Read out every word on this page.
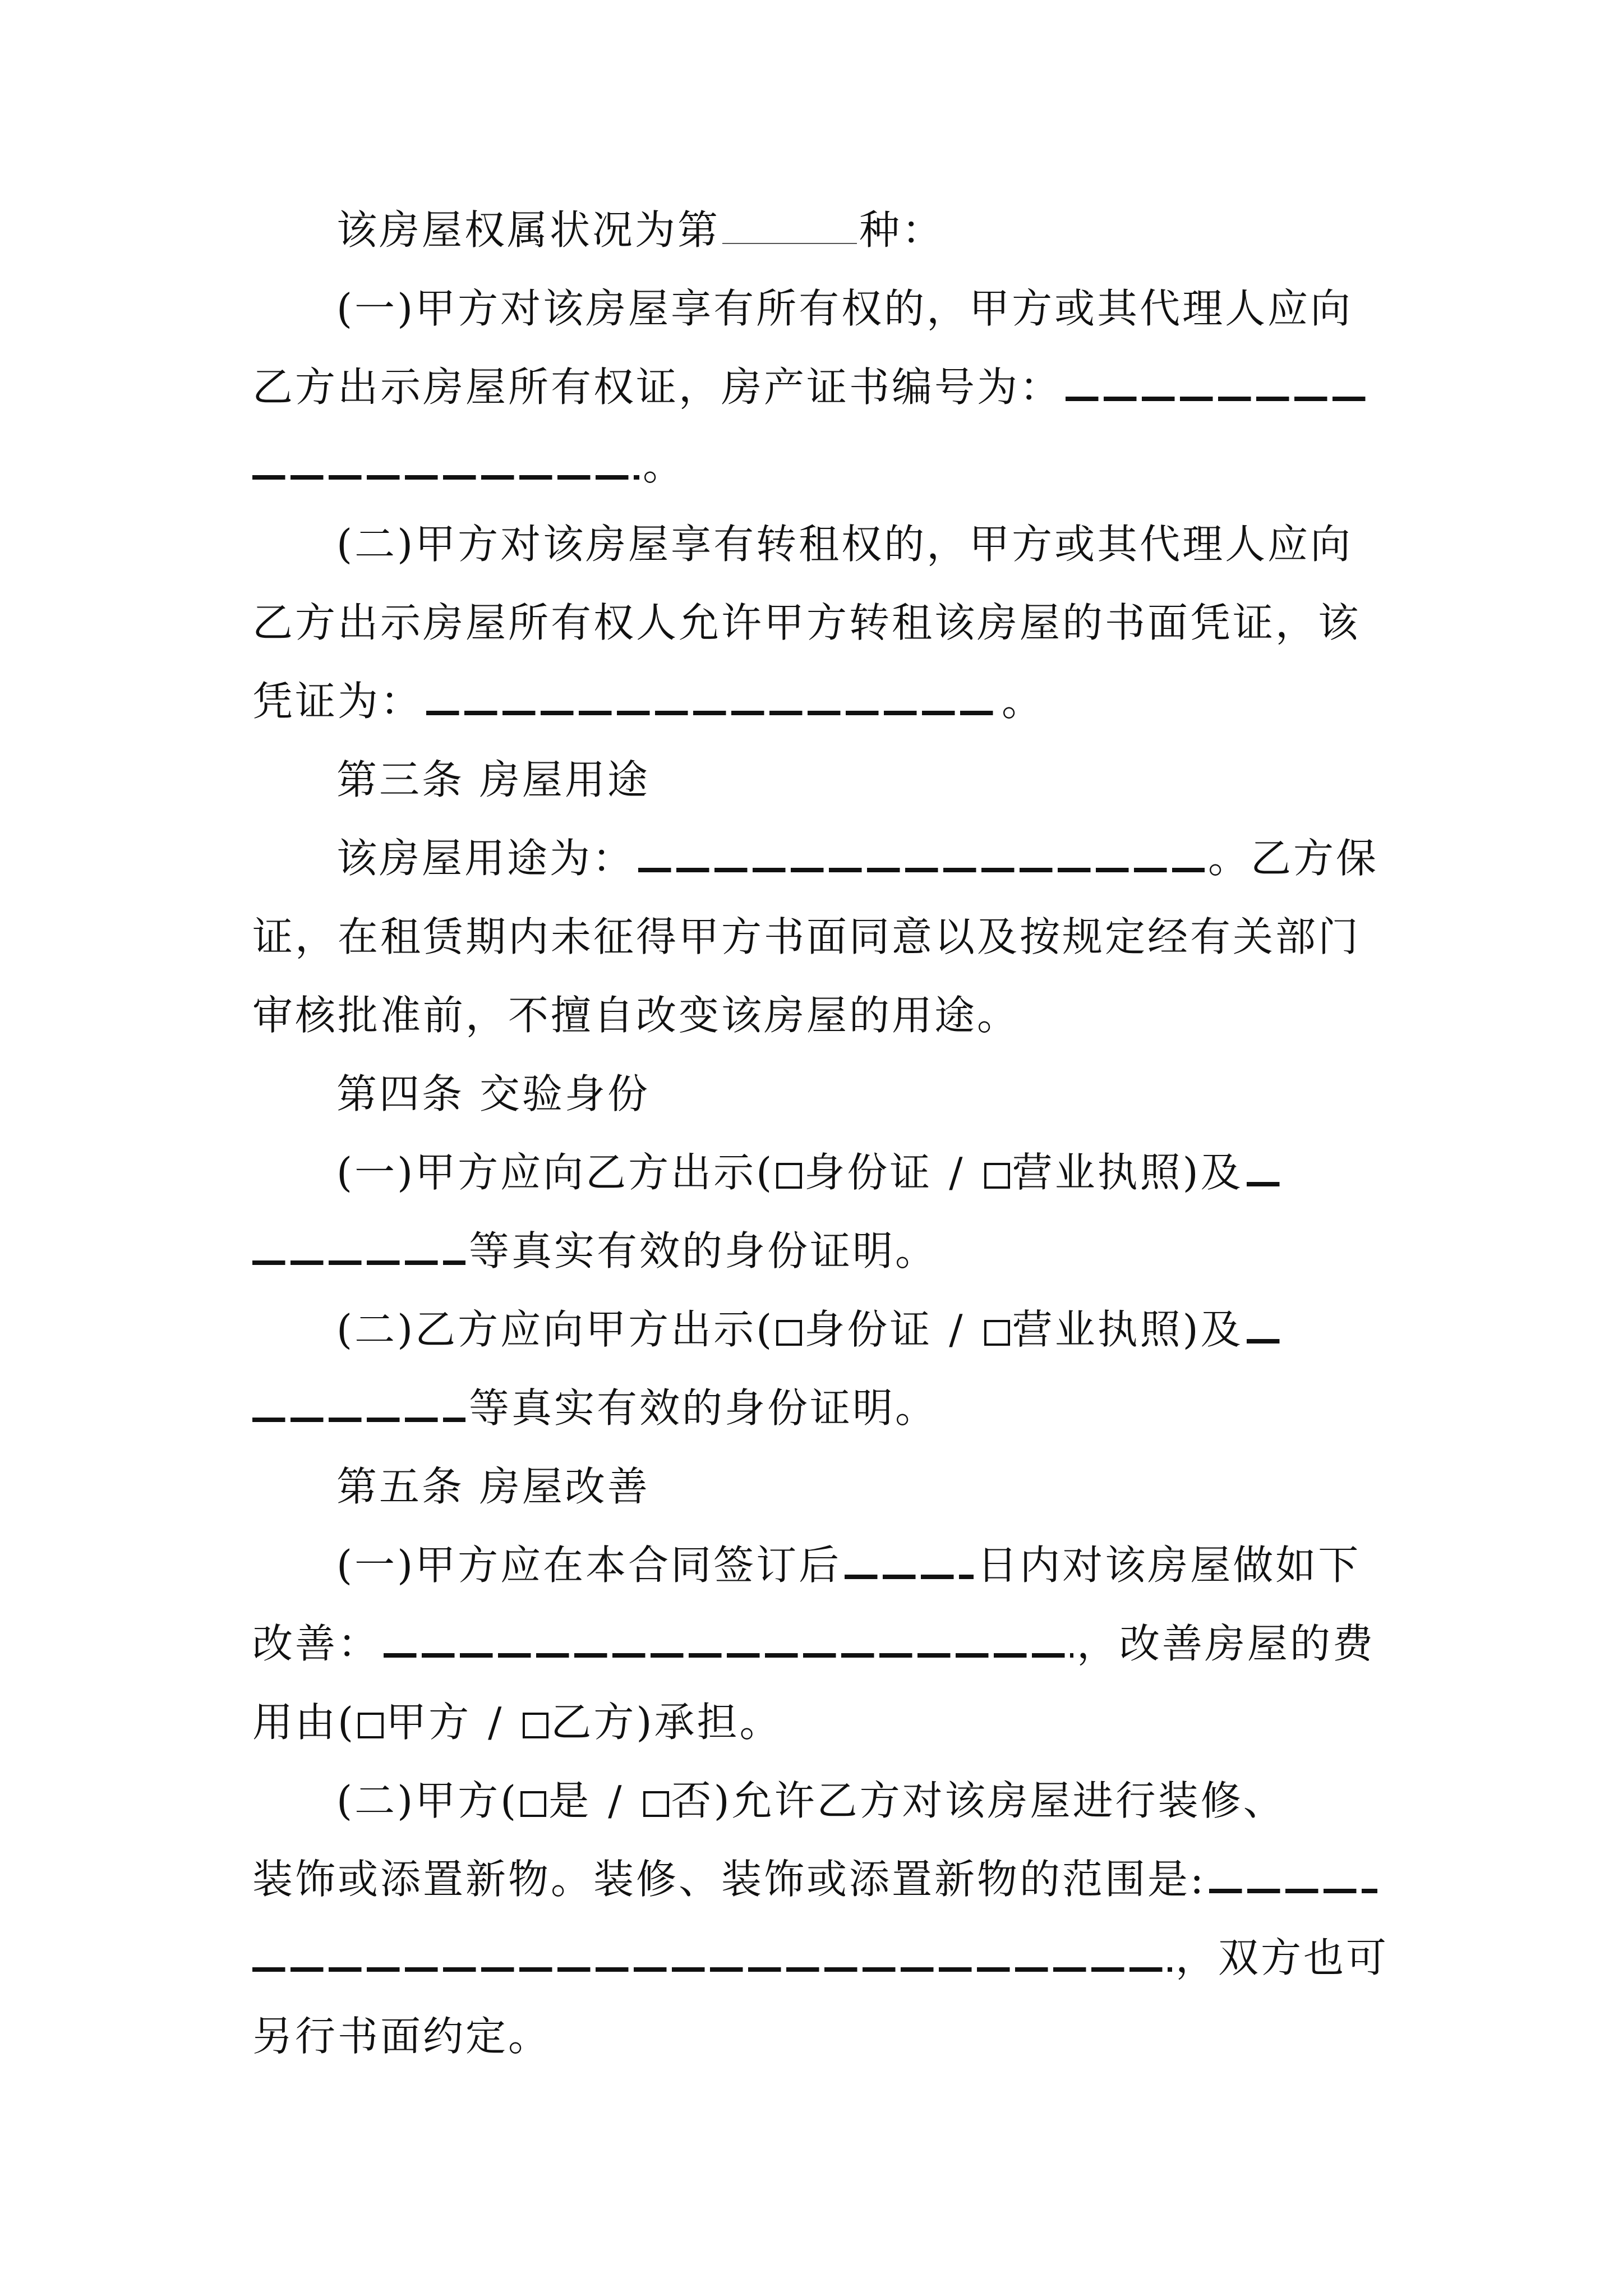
该房屋权属状况为第	种：
(一)甲方对该房屋享有所有权的，甲方或其代理人应向
乙方出示房屋所有权证，房产证书编号为：
。
(二)甲方对该房屋享有转租权的，甲方或其代理人应向
乙方出示房屋所有权人允许甲方转租该房屋的书面凭证，该
凭证为：	。
第三条 房屋用途
该房屋用途为：	。乙方保
证，在租赁期内未征得甲方书面同意以及按规定经有关部门
审核批准前，不擅自改变该房屋的用途。
第四条 交验身份
(一)甲方应向乙方出示( 身份证 / 营业执照)及
等真实有效的身份证明。
(二)乙方应向甲方出示( 身份证 / 营业执照)及
等真实有效的身份证明。
第五条 房屋改善
(一)甲方应在本合同签订后	日内对该房屋做如下
改善：	，改善房屋的费
用由( 甲方 / 乙方)承担。
(二)甲方( 是 / 否)允许乙方对该房屋进行装修、
装饰或添置新物。装修、装饰或添置新物的范围是:
，双方也可
另行书面约定。
